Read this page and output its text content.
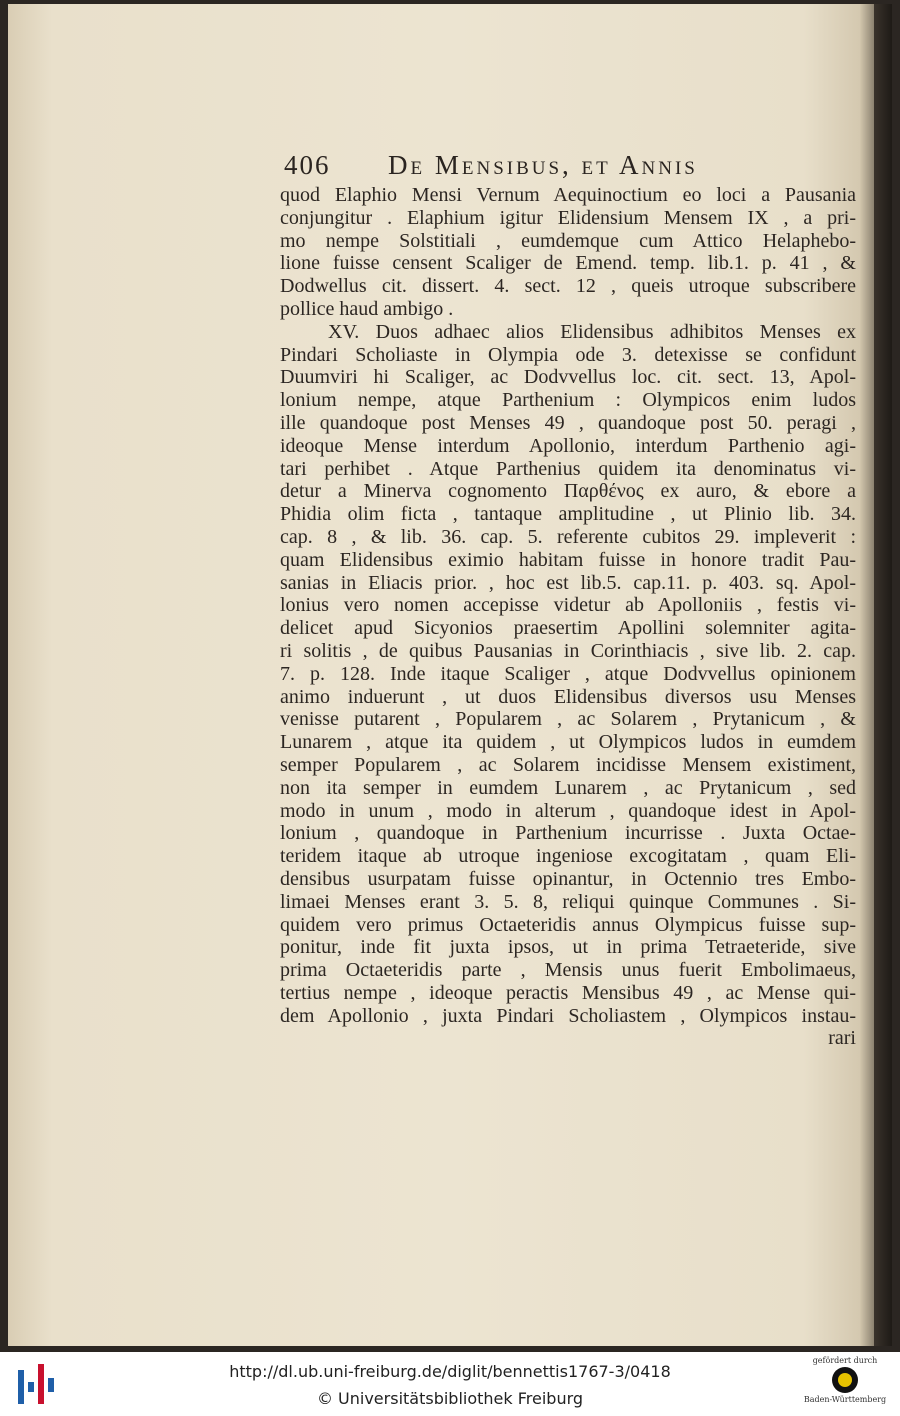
406 De Mensibus, et Annis
quod Elaphio Mensi Vernum Aequinoctium eo loci a Pausania
conjungitur . Elaphium igitur Elidensium Mensem IX , a pri-
mo nempe Solstitiali , eumdemque cum Attico Helaphebo-
lione fuisse censent Scaliger de Emend. temp. lib.1. p. 41 , &
Dodwellus cit. dissert. 4. sect. 12 , queis utroque subscribere
pollice haud ambigo .
XV. Duos adhaec alios Elidensibus adhibitos Menses ex
Pindari Scholiaste in Olympia ode 3. detexisse se confidunt
Duumviri hi Scaliger, ac Dodvvellus loc. cit. sect. 13, Apol-
lonium nempe, atque Parthenium : Olympicos enim ludos
ille quandoque post Menses 49 , quandoque post 50. peragi ,
ideoque Mense interdum Apollonio, interdum Parthenio agi-
tari perhibet . Atque Parthenius quidem ita denominatus vi-
detur a Minerva cognomento Παρθένος ex auro, & ebore a
Phidia olim ficta , tantaque amplitudine , ut Plinio lib. 34.
cap. 8 , & lib. 36. cap. 5. referente cubitos 29. impleverit :
quam Elidensibus eximio habitam fuisse in honore tradit Pau-
sanias in Eliacis prior. , hoc est lib.5. cap.11. p. 403. sq. Apol-
lonius vero nomen accepisse videtur ab Apolloniis , festis vi-
delicet apud Sicyonios praesertim Apollini solemniter agita-
ri solitis , de quibus Pausanias in Corinthiacis , sive lib. 2. cap.
7. p. 128. Inde itaque Scaliger , atque Dodvvellus opinionem
animo induerunt , ut duos Elidensibus diversos usu Menses
venisse putarent , Popularem , ac Solarem , Prytanicum , &
Lunarem , atque ita quidem , ut Olympicos ludos in eumdem
semper Popularem , ac Solarem incidisse Mensem existiment,
non ita semper in eumdem Lunarem , ac Prytanicum , sed
modo in unum , modo in alterum , quandoque idest in Apol-
lonium , quandoque in Parthenium incurrisse . Juxta Octae-
teridem itaque ab utroque ingeniose excogitatam , quam Eli-
densibus usurpatam fuisse opinantur, in Octennio tres Embo-
limaei Menses erant 3. 5. 8, reliqui quinque Communes . Si-
quidem vero primus Octaeteridis annus Olympicus fuisse sup-
ponitur, inde fit juxta ipsos, ut in prima Tetraeteride, sive
prima Octaeteridis parte , Mensis unus fuerit Embolimaeus,
tertius nempe , ideoque peractis Mensibus 49 , ac Mense qui-
dem Apollonio , juxta Pindari Scholiastem , Olympicos instau-
rari
http://dl.ub.uni-freiburg.de/diglit/bennettis1767-3/0418
© Universitätsbibliothek Freiburg
gefördert durch
Baden-Württemberg
